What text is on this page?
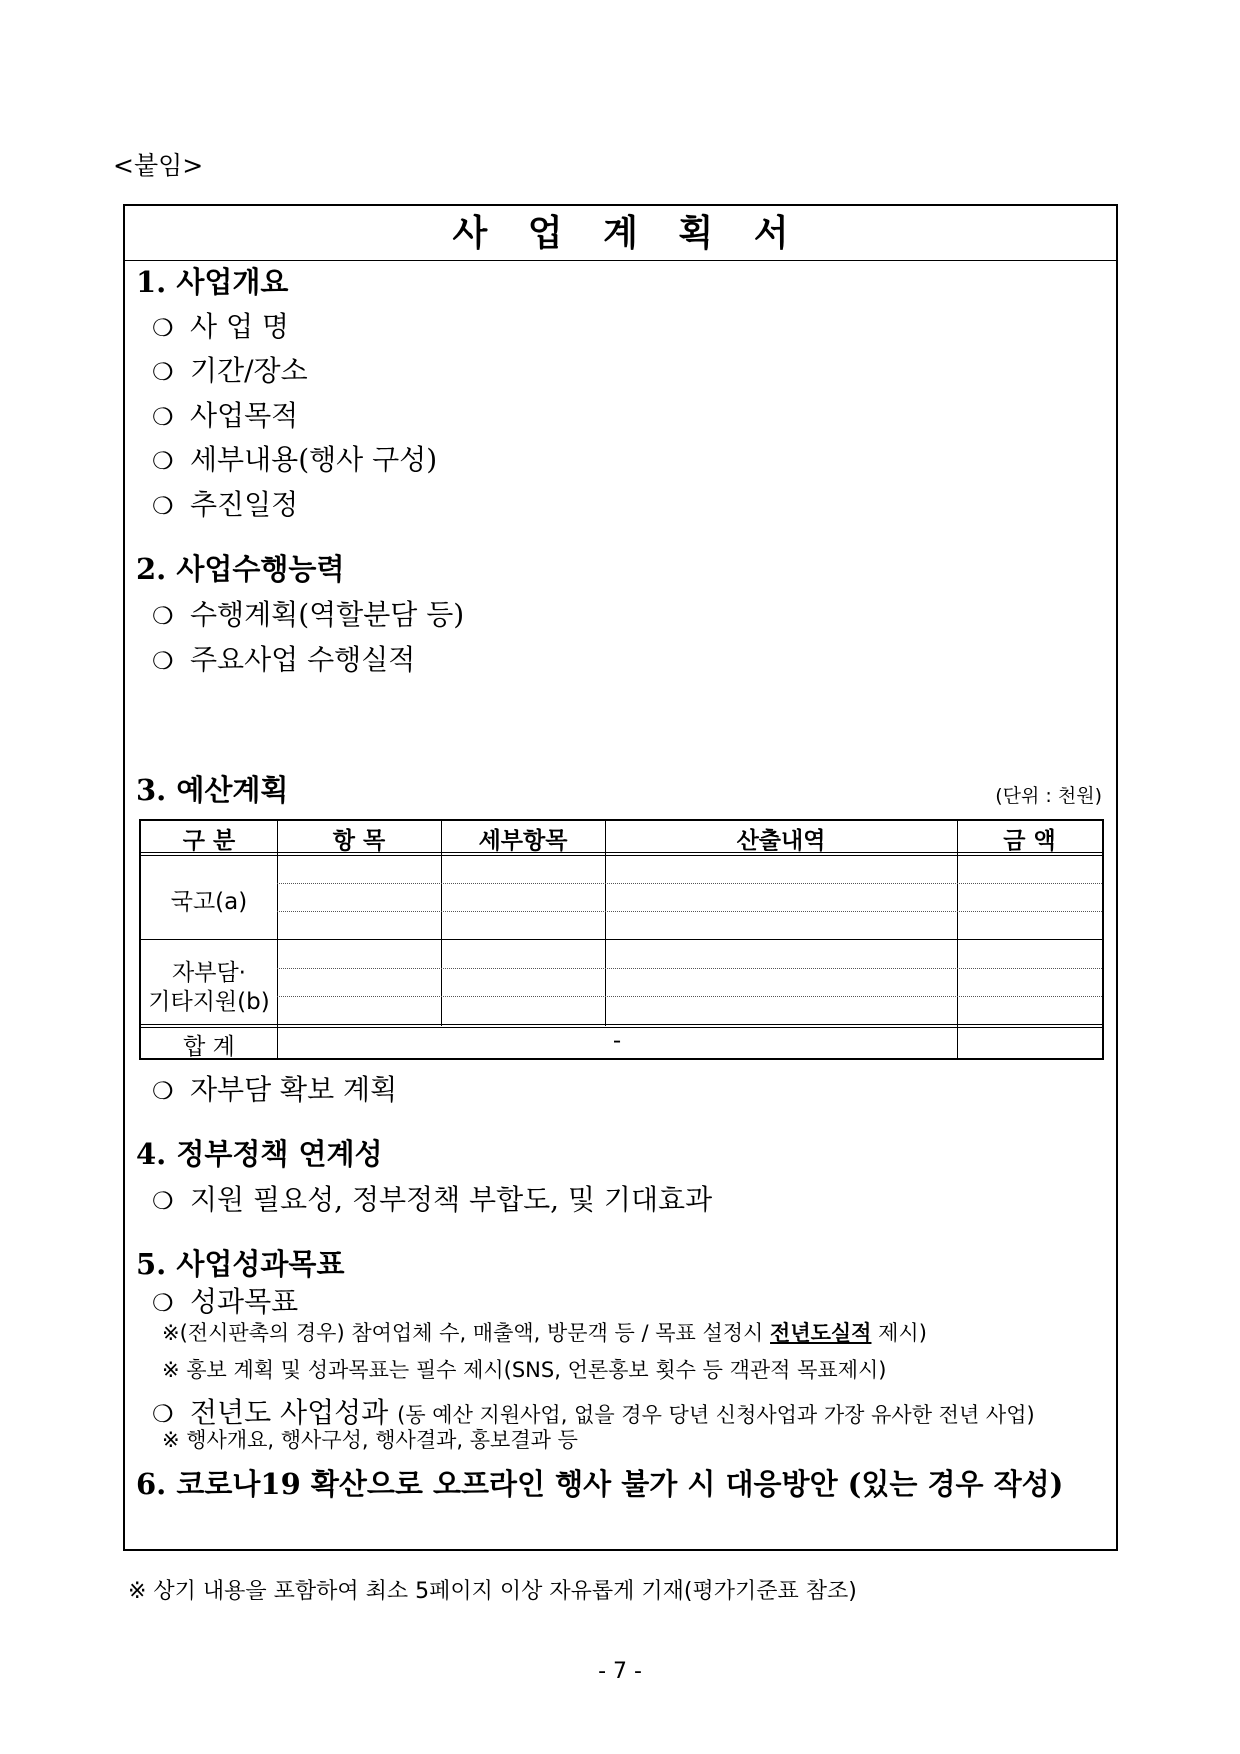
<붙임>
사 업 계 획 서
1. 사업개요
❍ 사 업 명
❍ 기간/장소
❍ 사업목적
❍ 세부내용(행사 구성)
❍ 추진일정
2. 사업수행능력
❍ 수행계획(역할분담 등)
❍ 주요사업 수행실적
3. 예산계획	(단위 : 천원)
구 분	항 목	세부항목	산출내역	금 액
국고(a)
자부담·
기타지원(b)
합 계	-
❍ 자부담 확보 계획
4. 정부정책 연계성
❍ 지원 필요성, 정부정책 부합도, 및 기대효과
5. 사업성과목표
❍ 성과목표
※(전시판촉의 경우) 참여업체 수, 매출액, 방문객 등 / 목표 설정시 전년도실적 제시)
※ 홍보 계획 및 성과목표는 필수 제시(SNS, 언론홍보 횟수 등 객관적 목표제시)
❍ 전년도 사업성과 (동 예산 지원사업, 없을 경우 당년 신청사업과 가장 유사한 전년 사업)
※ 행사개요, 행사구성, 행사결과, 홍보결과 등
6. 코로나19 확산으로 오프라인 행사 불가 시 대응방안 (있는 경우 작성)
※ 상기 내용을 포함하여 최소 5페이지 이상 자유롭게 기재(평가기준표 참조)
- 7 -
